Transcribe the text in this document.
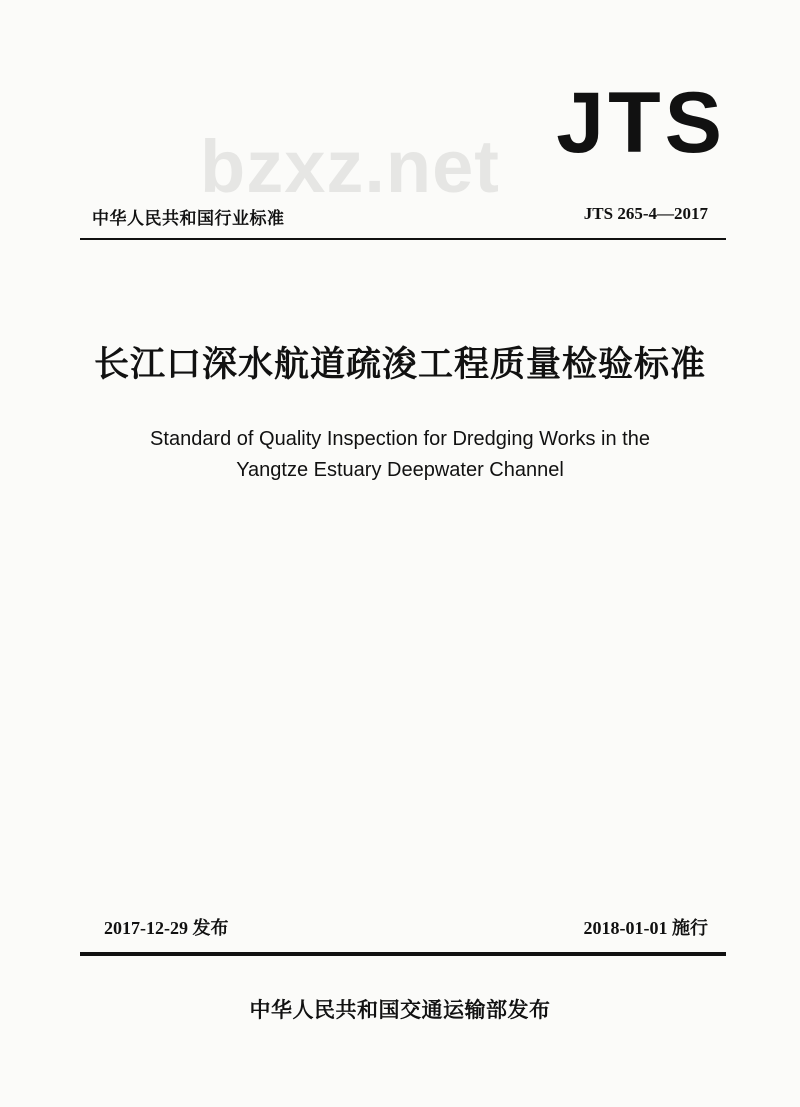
JTS
bzxz.net
中华人民共和国行业标准	JTS 265-4—2017
长江口深水航道疏浚工程质量检验标准
Standard of Quality Inspection for Dredging Works in the
Yangtze Estuary Deepwater Channel
2017-12-29 发布	2018-01-01 施行
中华人民共和国交通运输部发布
